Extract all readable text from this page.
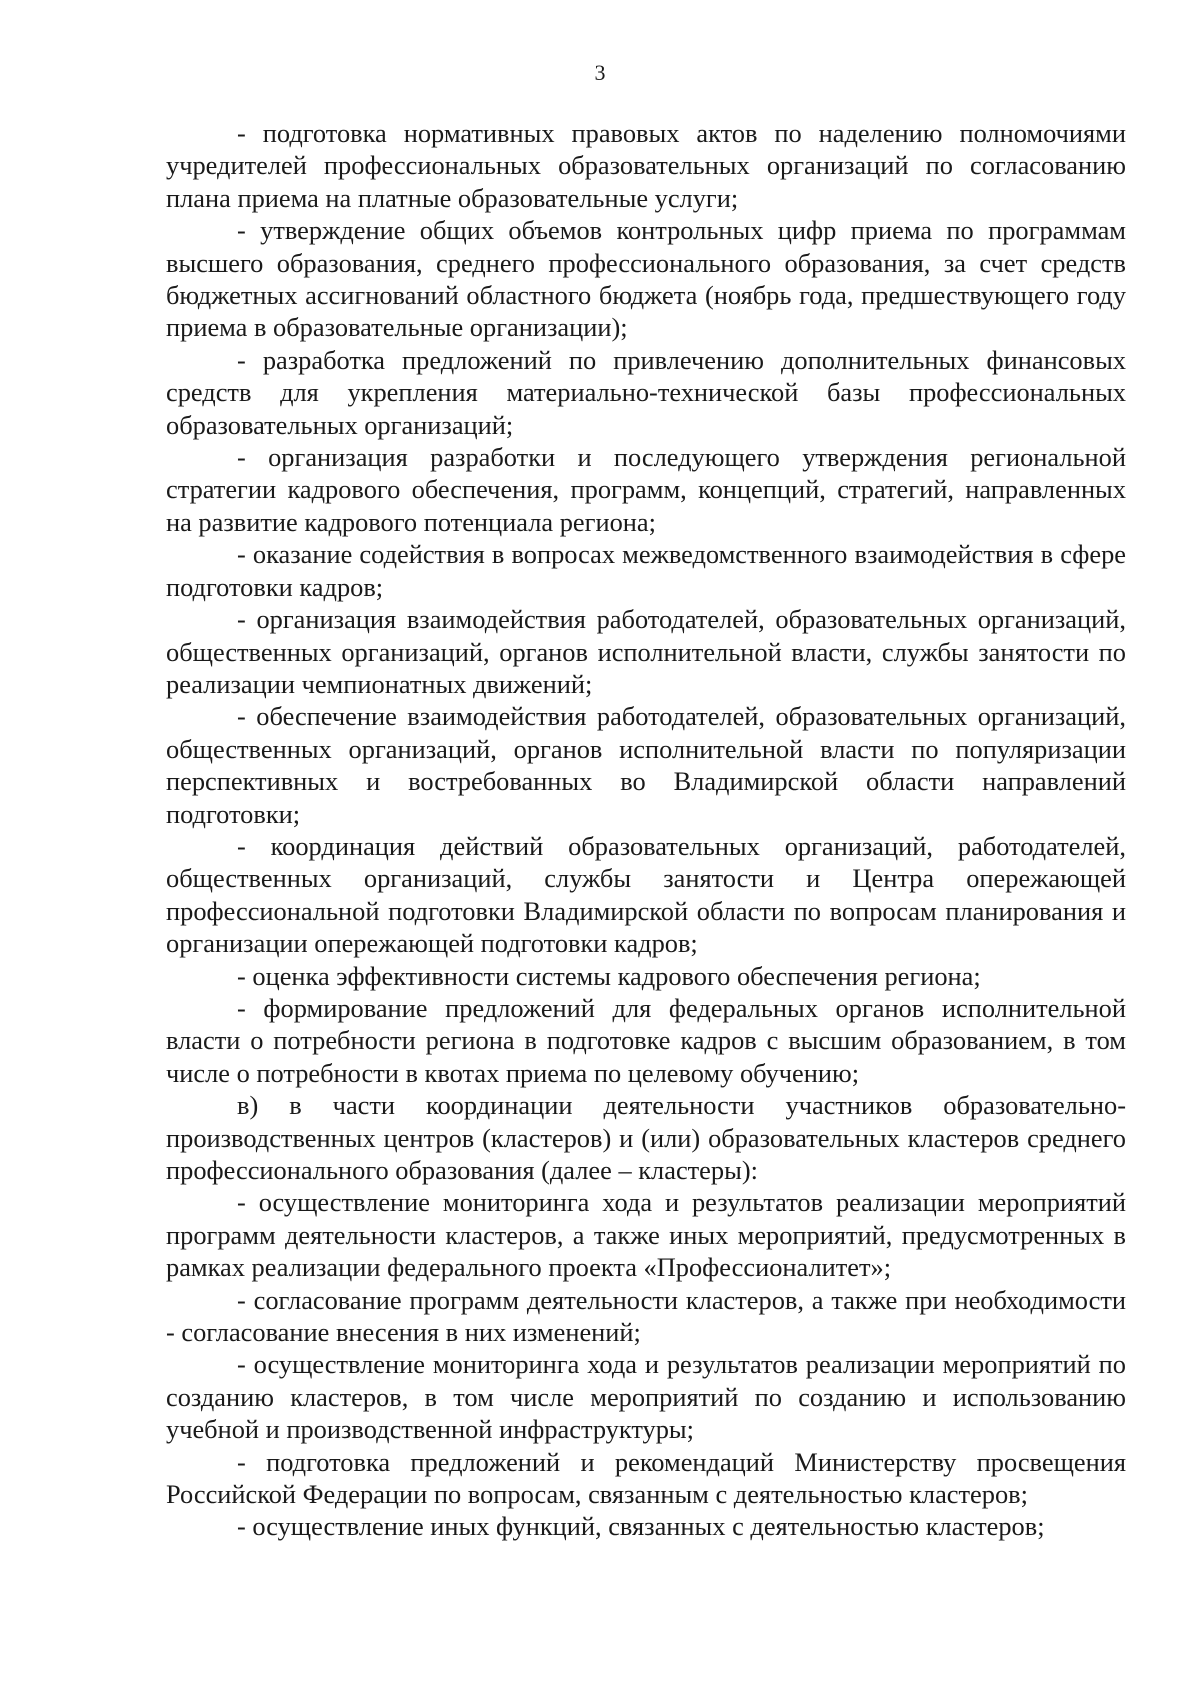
3

- подготовка нормативных правовых актов по наделению полномочиями учредителей профессиональных образовательных организаций по согласованию плана приема на платные образовательные услуги;

- утверждение общих объемов контрольных цифр приема по программам высшего образования, среднего профессионального образования, за счет средств бюджетных ассигнований областного бюджета (ноябрь года, предшествующего году приема в образовательные организации);

- разработка предложений по привлечению дополнительных финансовых средств для укрепления материально-технической базы профессиональных образовательных организаций;

- организация разработки и последующего утверждения региональной стратегии кадрового обеспечения, программ, концепций, стратегий, направленных на развитие кадрового потенциала региона;

- оказание содействия в вопросах межведомственного взаимодействия в сфере подготовки кадров;

- организация взаимодействия работодателей, образовательных организаций, общественных организаций, органов исполнительной власти, службы занятости по реализации чемпионатных движений;

- обеспечение взаимодействия работодателей, образовательных организаций, общественных организаций, органов исполнительной власти по популяризации перспективных и востребованных во Владимирской области направлений подготовки;

- координация действий образовательных организаций, работодателей, общественных организаций, службы занятости и Центра опережающей профессиональной подготовки Владимирской области по вопросам планирования и организации опережающей подготовки кадров;

- оценка эффективности системы кадрового обеспечения региона;

- формирование предложений для федеральных органов исполнительной власти о потребности региона в подготовке кадров с высшим образованием, в том числе о потребности в квотах приема по целевому обучению;

в) в части координации деятельности участников образовательно-производственных центров (кластеров) и (или) образовательных кластеров среднего профессионального образования (далее – кластеры):

- осуществление мониторинга хода и результатов реализации мероприятий программ деятельности кластеров, а также иных мероприятий, предусмотренных в рамках реализации федерального проекта «Профессионалитет»;

- согласование программ деятельности кластеров, а также при необходимости - согласование внесения в них изменений;

- осуществление мониторинга хода и результатов реализации мероприятий по созданию кластеров, в том числе мероприятий по созданию и использованию учебной и производственной инфраструктуры;

- подготовка предложений и рекомендаций Министерству просвещения Российской Федерации по вопросам, связанным с деятельностью кластеров;

- осуществление иных функций, связанных с деятельностью кластеров;
